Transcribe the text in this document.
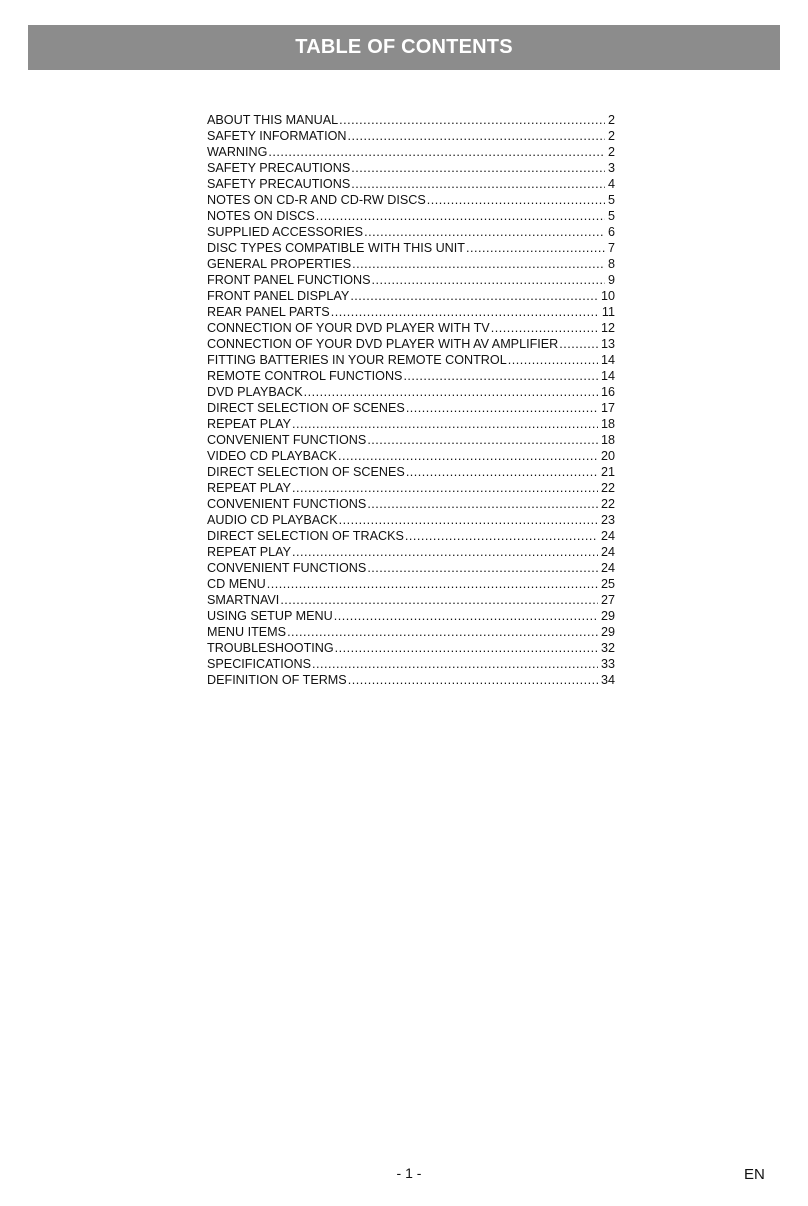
TABLE OF CONTENTS
ABOUT THIS MANUAL .....	2
SAFETY INFORMATION .....	2
WARNING .....	2
SAFETY PRECAUTIONS .....	3
SAFETY PRECAUTIONS .....	4
NOTES ON CD-R AND CD-RW DISCS .....	5
NOTES ON DISCS .....	5
SUPPLIED ACCESSORIES .....	6
DISC TYPES COMPATIBLE WITH THIS UNIT .....	7
GENERAL PROPERTIES .....	8
FRONT PANEL FUNCTIONS .....	9
FRONT PANEL DISPLAY .....	10
REAR PANEL PARTS .....	11
CONNECTION OF YOUR DVD PLAYER WITH TV .....	12
CONNECTION OF YOUR DVD PLAYER WITH AV AMPLIFIER .....	13
FITTING BATTERIES IN YOUR REMOTE CONTROL .....	14
REMOTE CONTROL FUNCTIONS .....	14
DVD PLAYBACK .....	16
DIRECT SELECTION OF SCENES .....	17
REPEAT PLAY .....	18
CONVENIENT FUNCTIONS .....	18
VIDEO CD PLAYBACK .....	20
DIRECT SELECTION OF SCENES .....	21
REPEAT PLAY .....	22
CONVENIENT FUNCTIONS .....	22
AUDIO CD PLAYBACK .....	23
DIRECT SELECTION OF TRACKS .....	24
REPEAT PLAY .....	24
CONVENIENT FUNCTIONS .....	24
CD MENU .....	25
SMARTNAVI .....	27
USING SETUP MENU .....	29
MENU ITEMS .....	29
TROUBLESHOOTING .....	32
SPECIFICATIONS .....	33
DEFINITION OF TERMS .....	34
- 1 -	EN
